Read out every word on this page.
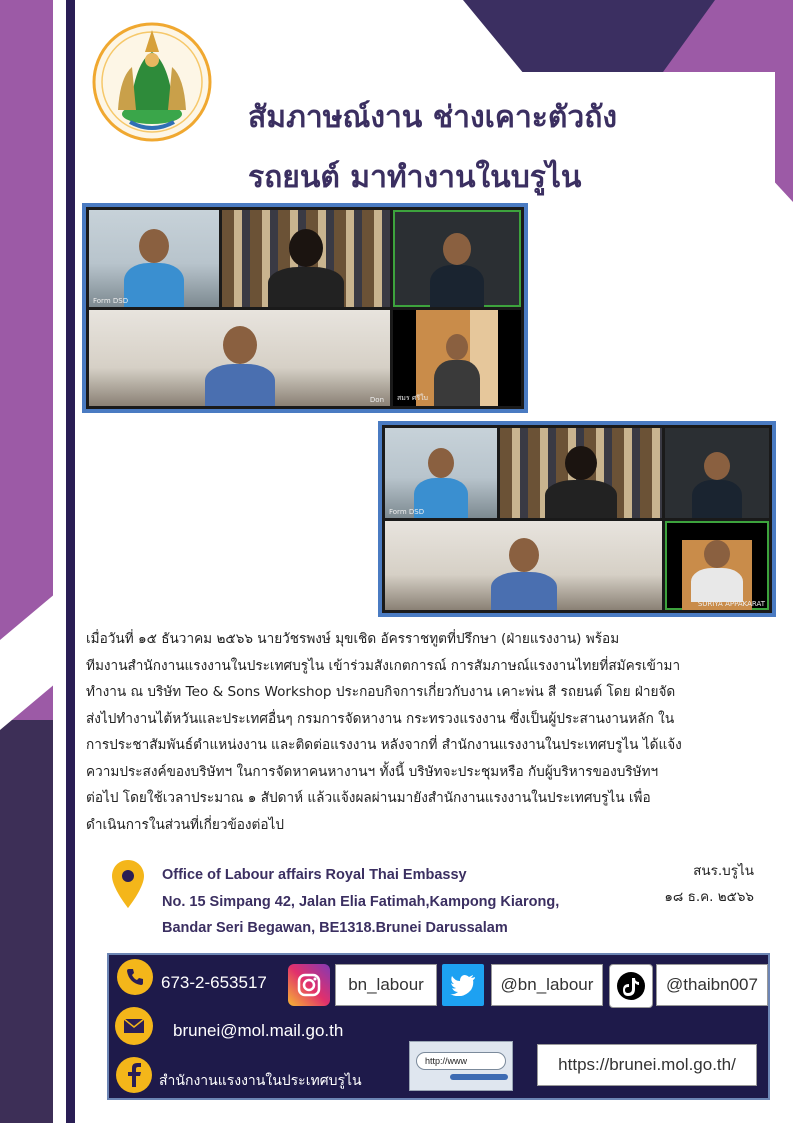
สัมภาษณ์งาน ช่างเคาะตัวถัง
รถยนต์ มาทำงานในบรูไน
Form DSD
Don สมร ศรีใบ
Form DSD
SURIYA APPAKARAT
เมื่อวันที่ ๑๕ ธันวาคม ๒๕๖๖ นายวัชรพงษ์ มุขเชิด อัครราชทูตที่ปรึกษา (ฝ่ายแรงงาน) พร้อม
ทีมงานสำนักงานแรงงานในประเทศบรูไน เข้าร่วมสังเกตการณ์ การสัมภาษณ์แรงงานไทยที่สมัครเข้ามา
ทำงาน ณ บริษัท Teo & Sons Workshop ประกอบกิจการเกี่ยวกับงาน เคาะพ่น สี รถยนต์ โดย ฝ่ายจัด
ส่งไปทำงานไต้หวันและประเทศอื่นๆ กรมการจัดหางาน กระทรวงแรงงาน ซึ่งเป็นผู้ประสานงานหลัก ใน
การประชาสัมพันธ์ตำแหน่งงาน และติดต่อแรงงาน หลังจากที่ สำนักงานแรงงานในประเทศบรูไน ได้แจ้ง
ความประสงค์ของบริษัทฯ ในการจัดหาคนหางานฯ ทั้งนี้ บริษัทจะประชุมหรือ กับผู้บริหารของบริษัทฯ
ต่อไป โดยใช้เวลาประมาณ ๑ สัปดาห์ แล้วแจ้งผลผ่านมายังสำนักงานแรงงานในประเทศบรูไน เพื่อ
ดำเนินการในส่วนที่เกี่ยวข้องต่อไป
Office of Labour affairs Royal Thai Embassy
No. 15 Simpang 42, Jalan Elia Fatimah,Kampong Kiarong,
Bandar Seri Begawan, BE1318.Brunei Darussalam
สนร.บรูไน
๑๘ ธ.ค. ๒๕๖๖
673-2-653517	bn_labour	@bn_labour	@thaibn007
brunei@mol.mail.go.th
สำนักงานแรงงานในประเทศบรูไน
http://www	https://brunei.mol.go.th/
